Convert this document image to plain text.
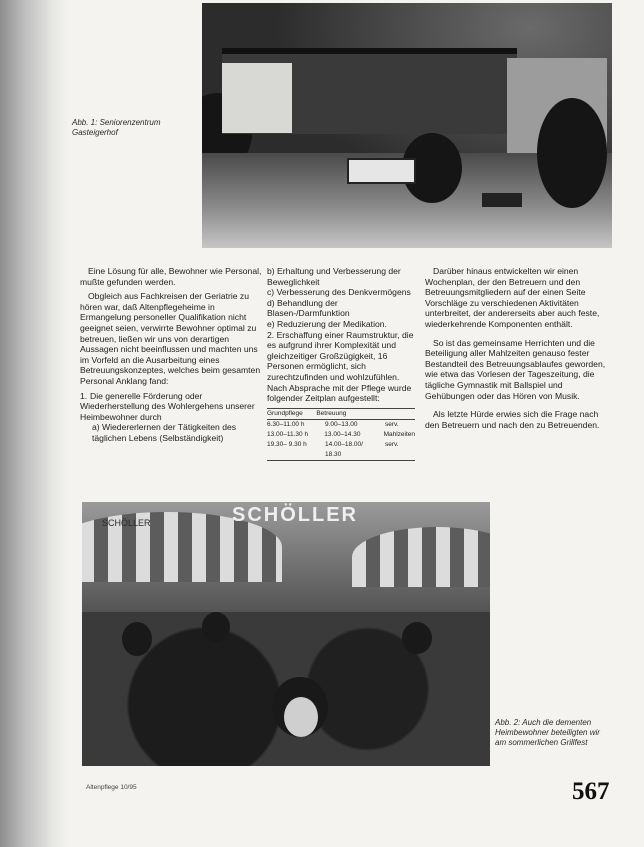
Abb. 1: Seniorenzentrum Gasteigerhof

Eine Lösung für alle, Bewohner wie Personal, mußte gefunden werden.

Obgleich aus Fachkreisen der Geriatrie zu hören war, daß Altenpflegeheime in Ermangelung personeller Qualifikation nicht geeignet seien, verwirrte Bewohner optimal zu betreuen, ließen wir uns von derartigen Aussagen nicht beeinflussen und machten uns im Vorfeld an die Ausarbeitung eines Betreuungskonzeptes, welches beim gesamten Personal Anklang fand:

1. Die generelle Förderung oder Wiederherstellung des Wohlergehens unserer Heimbewohner durch
a) Wiedererlernen der Tätigkeiten des täglichen Lebens (Selbständigkeit)
b) Erhaltung und Verbesserung der Beweglichkeit
c) Verbesserung des Denkvermögens
d) Behandlung der Blasen-/Darmfunktion
e) Reduzierung der Medikation.
2. Erschaffung einer Raumstruktur, die es aufgrund ihrer Komplexität und gleichzeitiger Großzügigkeit, 16 Personen ermöglicht, sich zurechtzufinden und wohlzufühlen.
Nach Absprache mit der Pflege wurde folgender Zeitplan aufgestellt:
Grundpflege	Betreuung
6.30–11.00 h	9.00–13.00	serv.
13.00–11.30 h	13.00–14.30	Mahlzeiten
19.30– 9.30 h	14.00–18.00/	serv.
18.30

Darüber hinaus entwickelten wir einen Wochenplan, der den Betreuern und den Betreuungsmitgliedern auf der einen Seite Vorschläge zu verschiedenen Aktivitäten unterbreitet, der andererseits aber auch feste, wiederkehrende Komponenten enthält.

So ist das gemeinsame Herrichten und die Beteiligung aller Mahlzeiten genauso fester Bestandteil des Betreuungsablaufes geworden, wie etwa das Vorlesen der Tageszeitung, die tägliche Gymnastik mit Ballspiel und Gehübungen oder das Hören von Musik.

Als letzte Hürde erwies sich die Frage nach den Betreuern und nach den zu Betreuenden.

SCHÖLLER
SCHÖLLER
Abb. 2: Auch die dementen Heimbewohner beteiligten wir am sommerlichen Grillfest
Altenpflege 10/95	567
